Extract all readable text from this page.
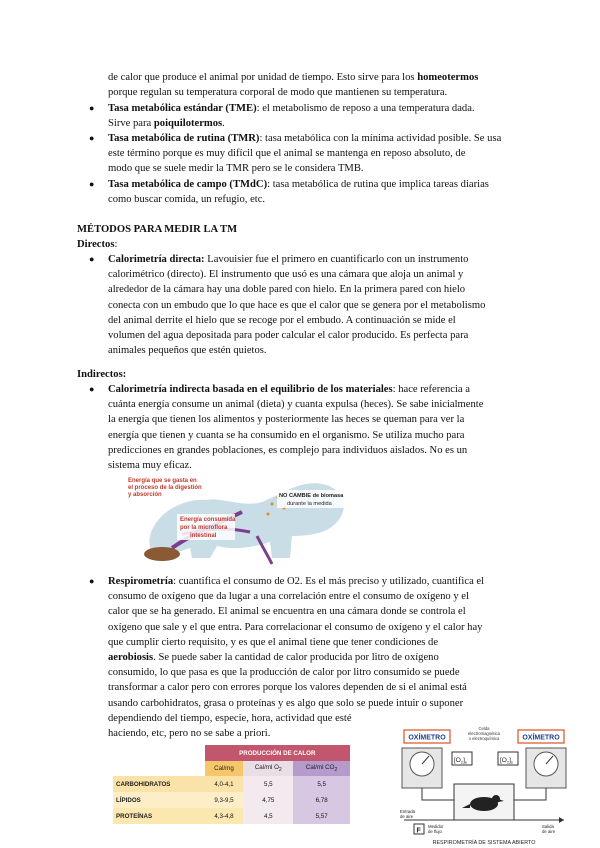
de calor que produce el animal por unidad de tiempo. Esto sirve para los homeotermos
porque regulan su temperatura corporal de modo que mantienen su temperatura.
● Tasa metabólica estándar (TME): el metabolismo de reposo a una temperatura dada.
Sirve para poiquilotermos.
● Tasa metabólica de rutina (TMR): tasa metabólica con la mínima actividad posible. Se usa
este término porque es muy difícil que el animal se mantenga en reposo absoluto, de
modo que se suele medir la TMR pero se le considera TMB.
● Tasa metabólica de campo (TMdC): tasa metabólica de rutina que implica tareas diarias
como buscar comida, un refugio, etc.
MÉTODOS PARA MEDIR LA TM
Directos:
● Calorimetría directa: Lavouisier fue el primero en cuantificarlo con un instrumento
calorimétrico (directo). El instrumento que usó es una cámara que aloja un animal y
alrededor de la cámara hay una doble pared con hielo. En la primera pared con hielo
conecta con un embudo que lo que hace es que el calor que se genera por el metabolismo
del animal derrite el hielo que se recoge por el embudo. A continuación se mide el
volumen del agua depositada para poder calcular el calor producido. Es perfecta para
animales pequeños que estén quietos.
Indirectos:
● Calorimetría indirecta basada en el equilibrio de los materiales: hace referencia a
cuánta energía consume un animal (dieta) y cuanta expulsa (heces). Se sabe inicialmente
la energía que tienen los alimentos y posteriormente las heces se queman para ver la
energía que tienen y cuanta se ha consumido en el organismo. Se utiliza mucho para
predicciones en grandes poblaciones, es complejo para individuos aislados. No es un
sistema muy eficaz.
Energía que se gasta en
el proceso de la digestión
y absorción
Energía consumida
por la microflora
intestinal
NO CAMBIE de biomasa
durante la medida
● Respirometría: cuantifica el consumo de O2. Es el más preciso y utilizado, cuantifica el
consumo de oxígeno que da lugar a una correlación entre el consumo de oxígeno y el
calor que se ha generado. El animal se encuentra en una cámara donde se controla el
oxígeno que sale y el que entra. Para correlacionar el consumo de oxígeno y el calor hay
que cumplir cierto requisito, y es que el animal tiene que tener condiciones de
aerobiosis. Se puede saber la cantidad de calor producida por litro de oxígeno
consumido, lo que pasa es que la producción de calor por litro consumido se puede
transformar a calor pero con errores porque los valores dependen de si el animal está
usando carbohidratos, grasa o proteínas y es algo que solo se puede intuir o suponer
dependiendo del tiempo, especie, hora, actividad que esté
haciendo, etc, pero no se sabe a priori.
	PRODUCCIÓN DE CALOR		
	Cal/mg	Cal/ml $O_2$	Cal/ml $CO_2$
CARBOHIDRATOS	4,0-4,1	5,5	5,5
LÍPIDOS	9,3-9,5	4,75	6,78
PROTEÍNAS	4,3-4,8	4,5	5,57
OXÍMETRO	OXÍMETRO
Celda
electromagnética
o electroquímica
$[O_2]_e$	$[O_2]_s$
Entrada
de aire
F
Medidor
de flujo
Salida
de aire
RESPIROMETRÍA DE SISTEMA ABIERTO
